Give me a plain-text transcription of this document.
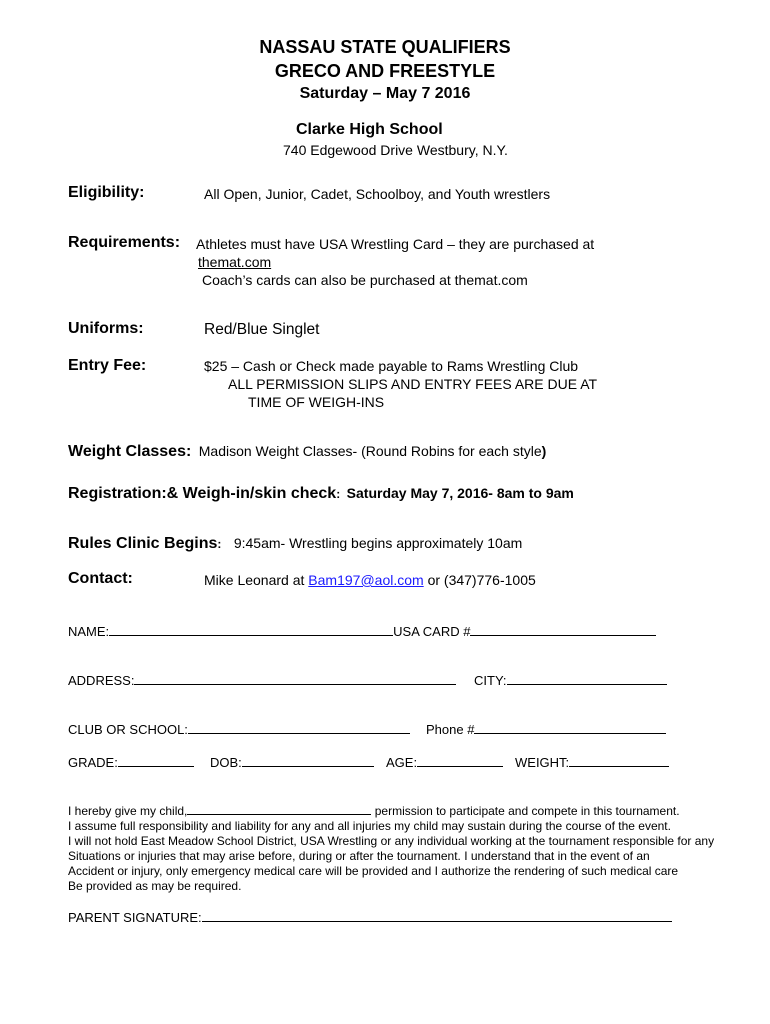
NASSAU STATE QUALIFIERS
GRECO AND FREESTYLE
Saturday – May 7 2016
Clarke High School
740 Edgewood Drive Westbury, N.Y.
Eligibility:	All Open, Junior, Cadet, Schoolboy, and Youth wrestlers
Requirements: Athletes must have USA Wrestling Card – they are purchased at
themat.com
Coach’s cards can also be purchased at themat.com
Uniforms:	Red/Blue Singlet
Entry Fee:	$25 – Cash or Check made payable to Rams Wrestling Club
ALL PERMISSION SLIPS AND ENTRY FEES ARE DUE AT
TIME OF WEIGH-INS
Weight Classes: Madison Weight Classes- (Round Robins for each style)
Registration:& Weigh-in/skin check: Saturday May 7, 2016- 8am to 9am
Rules Clinic Begins: 9:45am- Wrestling begins approximately 10am
Contact:	Mike Leonard at Bam197@aol.com or (347)776-1005
NAME:	USA CARD #
ADDRESS:	CITY:
CLUB OR SCHOOL:	Phone #
GRADE:	DOB:	AGE:	WEIGHT:
I hereby give my child,	permission to participate and compete in this tournament.
I assume full responsibility and liability for any and all injuries my child may sustain during the course of the event.
I will not hold East Meadow School District, USA Wrestling or any individual working at the tournament responsible for any
Situations or injuries that may arise before, during or after the tournament. I understand that in the event of an
Accident or injury, only emergency medical care will be provided and I authorize the rendering of such medical care
Be provided as may be required.
PARENT SIGNATURE:
